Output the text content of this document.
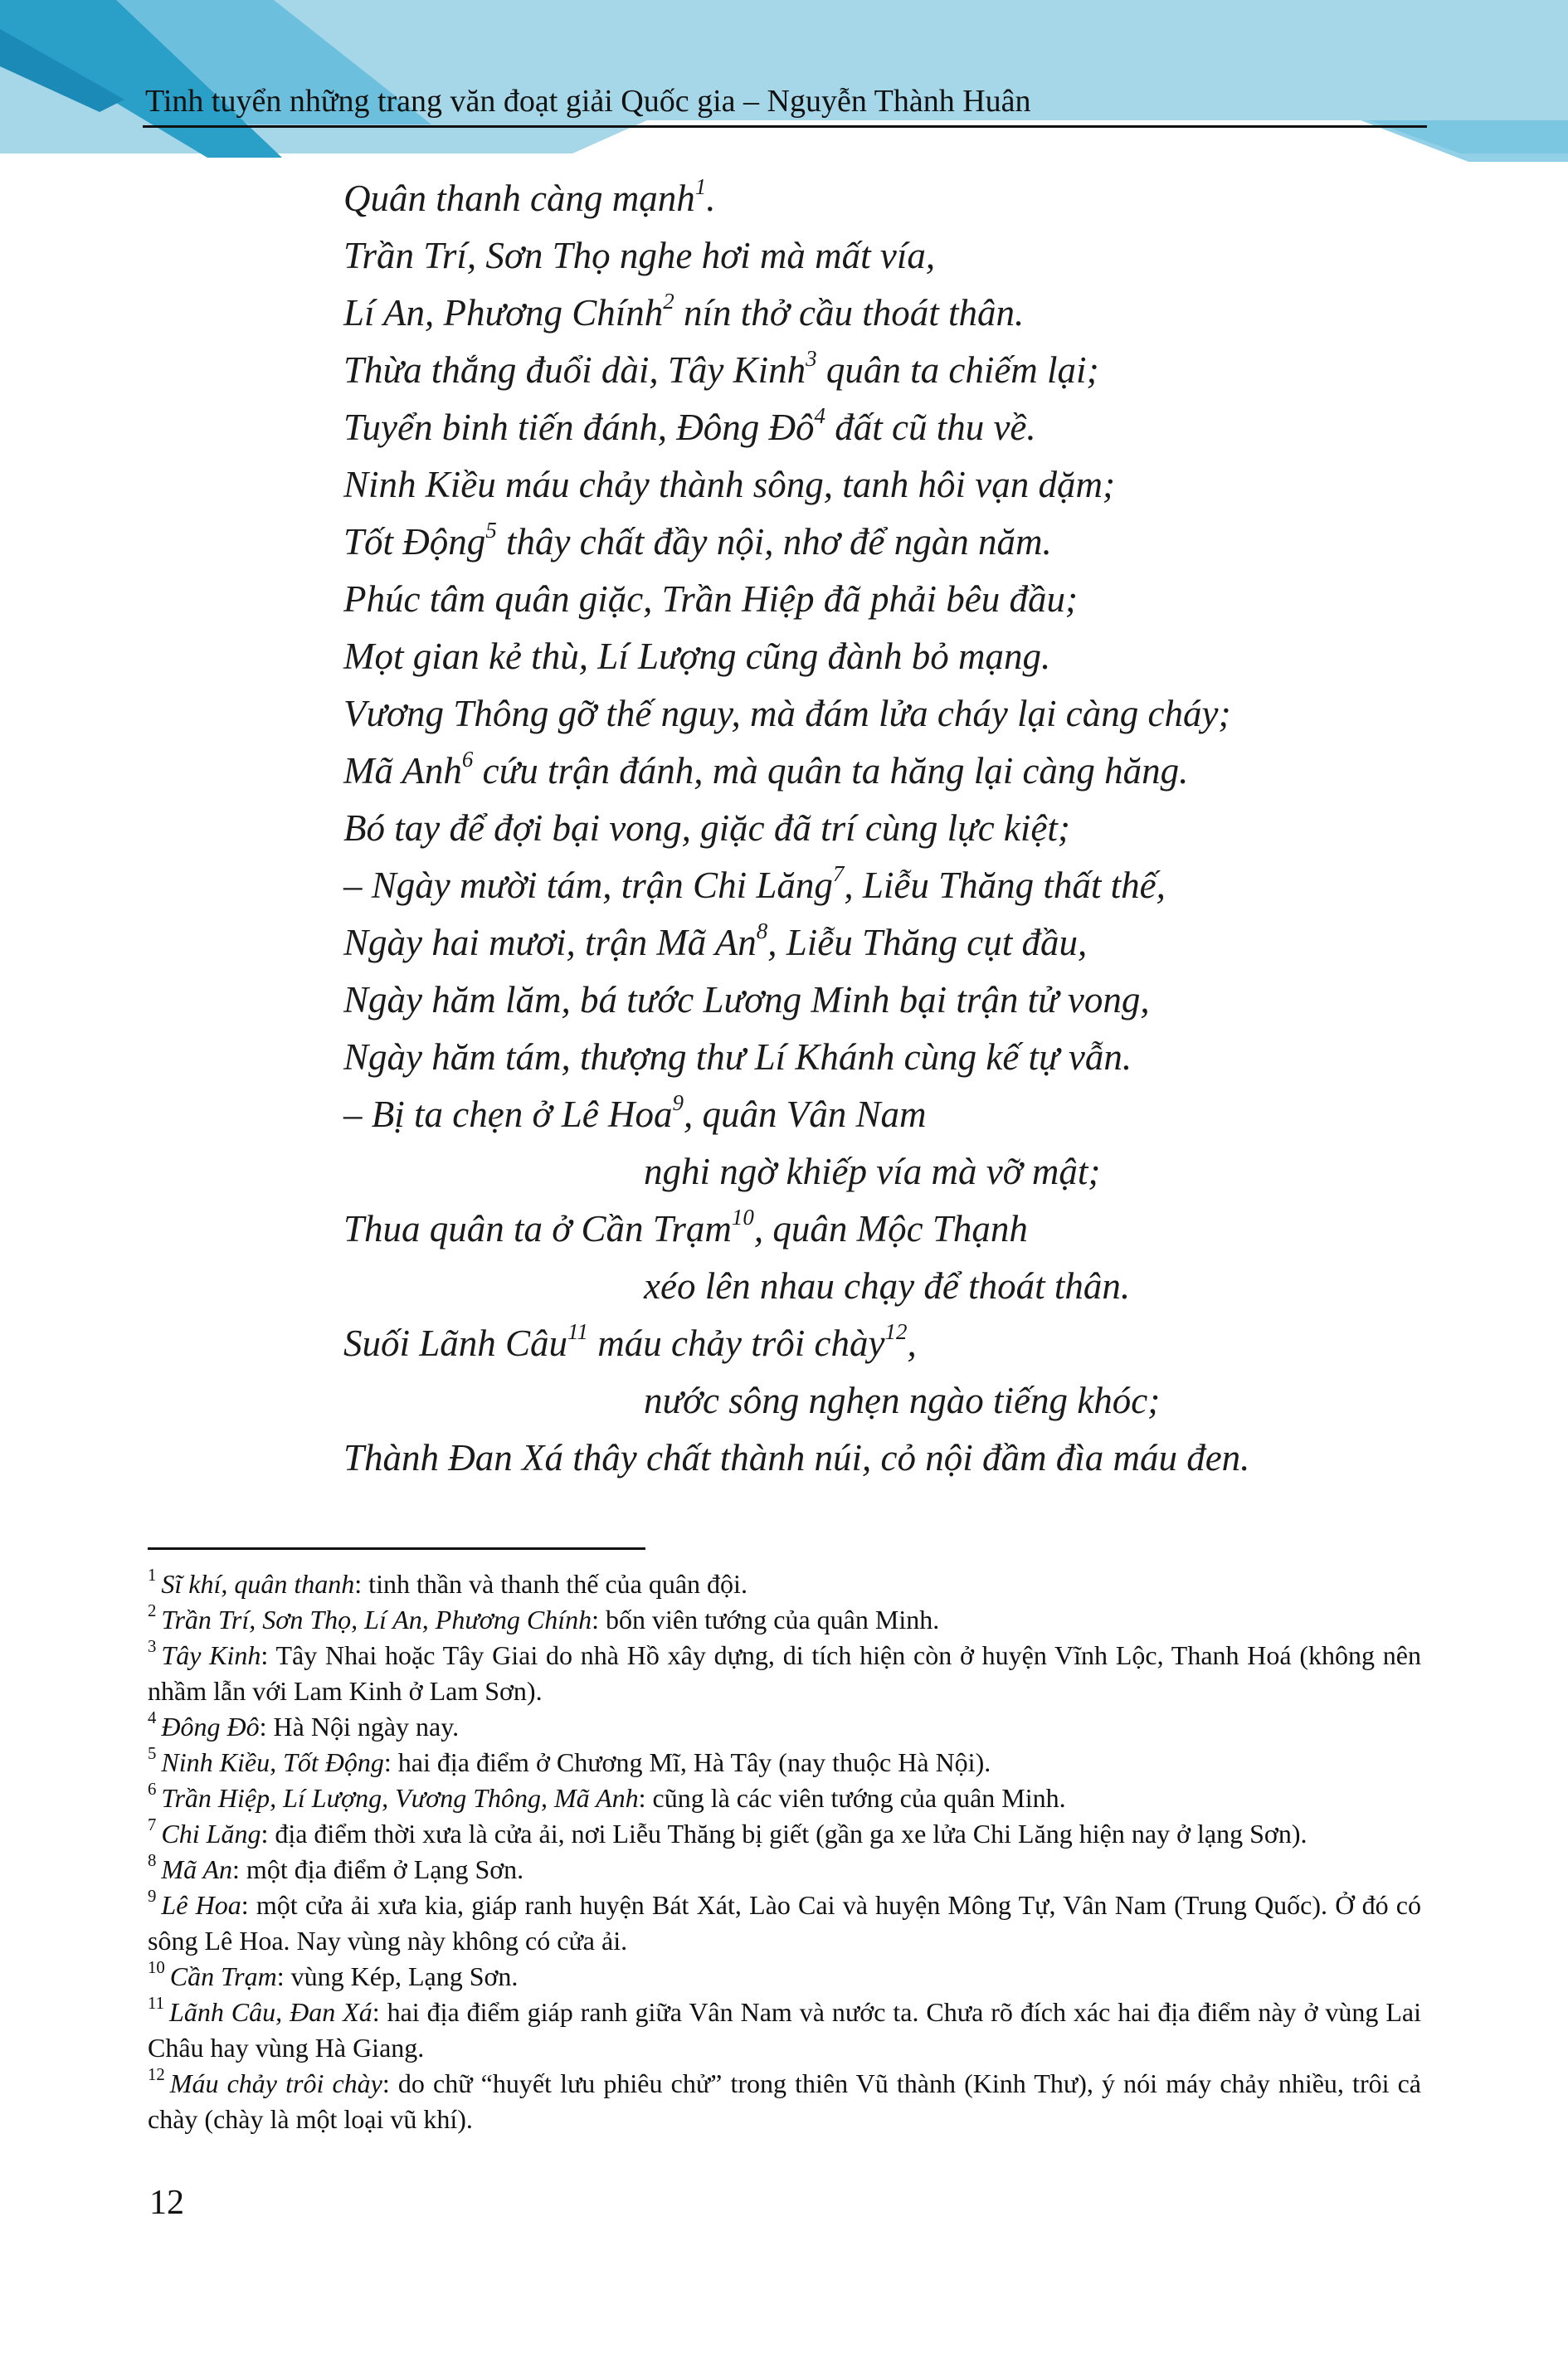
Tinh tuyển những trang văn đoạt giải Quốc gia – Nguyễn Thành Huân
Quân thanh càng mạnh$^1$.
Trần Trí, Sơn Thọ nghe hơi mà mất vía,
Lí An, Phương Chính$^2$ nín thở cầu thoát thân.
Thừa thắng đuổi dài, Tây Kinh$^3$ quân ta chiếm lại;
Tuyển binh tiến đánh, Đông $Đô^4$ đất cũ thu về.
Ninh Kiều máu chảy thành sông, tanh hôi vạn dặm;
Tốt Động$^5$ thây chất đầy nội, nhơ để ngàn năm.
Phúc tâm quân giặc, Trần Hiệp đã phải bêu đầu;
Mọt gian kẻ thù, Lí Lượng cũng đành bỏ mạng.
Vương Thông gỡ thế nguy, mà đám lửa cháy lại càng cháy;
Mã Anh$^6$ cứu trận đánh, mà quân ta hăng lại càng hăng.
Bó tay để đợi bại vong, giặc đã trí cùng lực kiệt;
– Ngày mười tám, trận Chi Lăng$^7$, Liễu Thăng thất thế,
Ngày hai mươi, trận Mã An$^8$, Liễu Thăng cụt đầu,
Ngày hăm lăm, bá tước Lương Minh bại trận tử vong,
Ngày hăm tám, thượng thư Lí Khánh cùng kế tự vẫn.
– Bị ta chẹn ở Lê Hoa$^9$, quân Vân Nam
nghi ngờ khiếp vía mà vỡ mật;
Thua quân ta ở Cần Trạm$^{10}$, quân Mộc Thạnh
xéo lên nhau chạy để thoát thân.
Suối Lãnh Câu$^{11}$ máu chảy trôi chày$^{12}$,
nước sông nghẹn ngào tiếng khóc;
Thành Đan Xá thây chất thành núi, cỏ nội đầm đìa máu đen.
$^1$ Sĩ khí, quân thanh: tinh thần và thanh thế của quân đội.
$^2$ Trần Trí, Sơn Thọ, Lí An, Phương Chính: bốn viên tướng của quân Minh.
$^3$ Tây Kinh: Tây Nhai hoặc Tây Giai do nhà Hồ xây dựng, di tích hiện còn ở huyện Vĩnh Lộc, Thanh Hoá (không nên nhầm lẫn với Lam Kinh ở Lam Sơn).
$^4$ Đông Đô: Hà Nội ngày nay.
$^5$ Ninh Kiều, Tốt Động: hai địa điểm ở Chương Mĩ, Hà Tây (nay thuộc Hà Nội).
$^6$ Trần Hiệp, Lí Lượng, Vương Thông, Mã Anh: cũng là các viên tướng của quân Minh.
$^7$ Chi Lăng: địa điểm thời xưa là cửa ải, nơi Liễu Thăng bị giết (gần ga xe lửa Chi Lăng hiện nay ở lạng Sơn).
$^8$ Mã An: một địa điểm ở Lạng Sơn.
$^9$ Lê Hoa: một cửa ải xưa kia, giáp ranh huyện Bát Xát, Lào Cai và huyện Mông Tự, Vân Nam (Trung Quốc). Ở đó có sông Lê Hoa. Nay vùng này không có cửa ải.
$^{10}$ Cần Trạm: vùng Kép, Lạng Sơn.
$^{11}$ Lãnh Câu, Đan Xá: hai địa điểm giáp ranh giữa Vân Nam và nước ta. Chưa rõ đích xác hai địa điểm này ở vùng Lai Châu hay vùng Hà Giang.
$^{12}$ Máu chảy trôi chày: do chữ “huyết lưu phiêu chử” trong thiên Vũ thành (Kinh Thư), ý nói máy chảy nhiều, trôi cả chày (chày là một loại vũ khí).
12
